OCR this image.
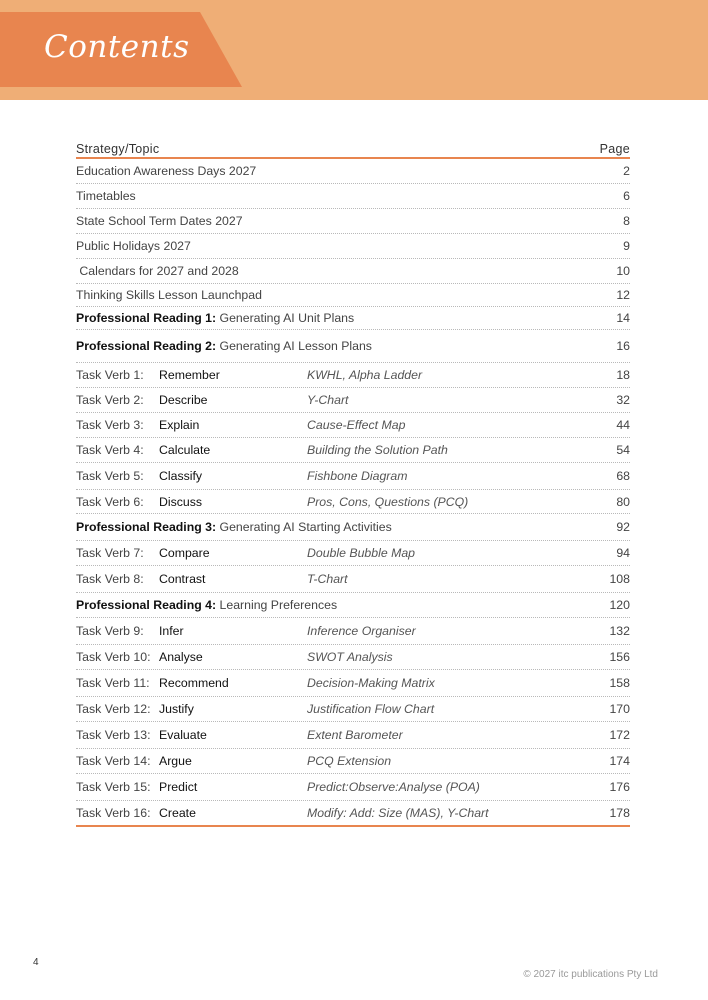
Contents
Strategy/Topic	Page
Education Awareness Days 2027	2
Timetables	6
State School Term Dates 2027	8
Public Holidays 2027	9
Calendars for 2027 and 2028	10
Thinking Skills Lesson Launchpad	12
Professional Reading 1: Generating AI Unit Plans	14
Professional Reading 2: Generating AI Lesson Plans	16
Task Verb 1:	Remember	KWHL, Alpha Ladder	18
Task Verb 2:	Describe	Y-Chart	32
Task Verb 3:	Explain	Cause-Effect Map	44
Task Verb 4:	Calculate	Building the Solution Path	54
Task Verb 5:	Classify	Fishbone Diagram	68
Task Verb 6:	Discuss	Pros, Cons, Questions (PCQ)	80
Professional Reading 3: Generating AI Starting Activities	92
Task Verb 7:	Compare	Double Bubble Map	94
Task Verb 8:	Contrast	T-Chart	108
Professional Reading 4: Learning Preferences	120
Task Verb 9:	Infer	Inference Organiser	132
Task Verb 10: Analyse	SWOT Analysis	156
Task Verb 11: Recommend	Decision-Making Matrix	158
Task Verb 12: Justify	Justification Flow Chart	170
Task Verb 13: Evaluate	Extent Barometer	172
Task Verb 14: Argue	PCQ Extension	174
Task Verb 15: Predict	Predict:Observe:Analyse (POA)	176
Task Verb 16: Create	Modify: Add: Size (MAS), Y-Chart	178
4
© 2027 itc publications Pty Ltd
